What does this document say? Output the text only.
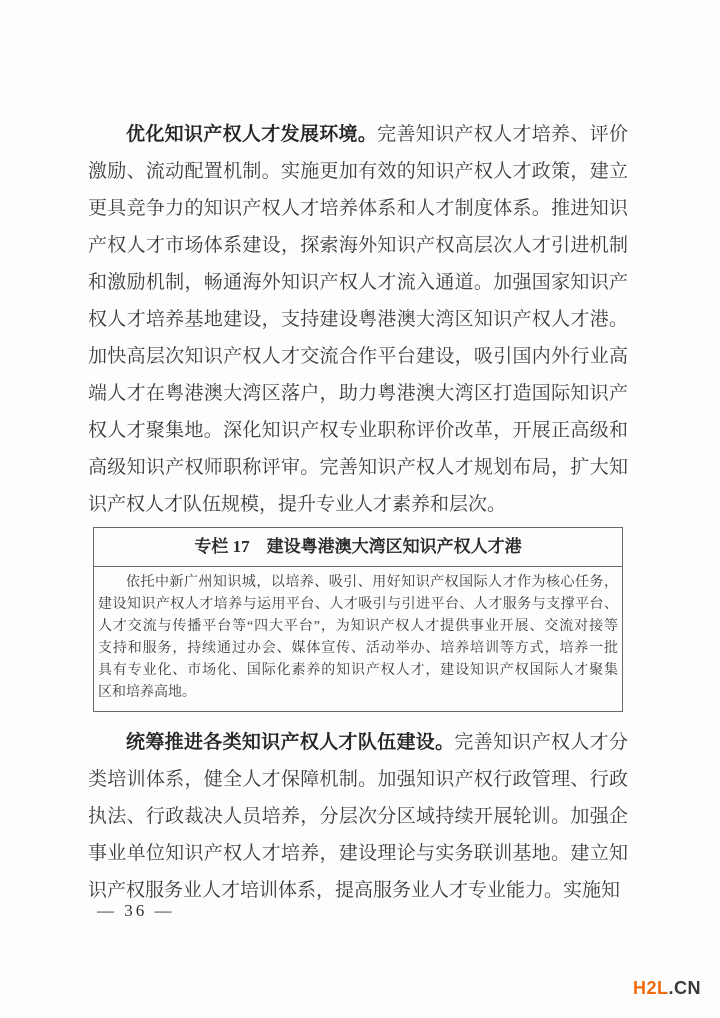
优化知识产权人才发展环境。完善知识产权人才培养、评价
激励、流动配置机制。实施更加有效的知识产权人才政策，建立
更具竞争力的知识产权人才培养体系和人才制度体系。推进知识
产权人才市场体系建设，探索海外知识产权高层次人才引进机制
和激励机制，畅通海外知识产权人才流入通道。加强国家知识产
权人才培养基地建设，支持建设粤港澳大湾区知识产权人才港。
加快高层次知识产权人才交流合作平台建设，吸引国内外行业高
端人才在粤港澳大湾区落户，助力粤港澳大湾区打造国际知识产
权人才聚集地。深化知识产权专业职称评价改革，开展正高级和
高级知识产权师职称评审。完善知识产权人才规划布局，扩大知
识产权人才队伍规模，提升专业人才素养和层次。
专栏 17　建设粤港澳大湾区知识产权人才港
依托中新广州知识城，以培养、吸引、用好知识产权国际人才作为核心任务，
建设知识产权人才培养与运用平台、人才吸引与引进平台、人才服务与支撑平台、
人才交流与传播平台等“四大平台”，为知识产权人才提供事业开展、交流对接等
支持和服务，持续通过办会、媒体宣传、活动举办、培养培训等方式，培养一批
具有专业化、市场化、国际化素养的知识产权人才，建设知识产权国际人才聚集
区和培养高地。
统筹推进各类知识产权人才队伍建设。完善知识产权人才分
类培训体系，健全人才保障机制。加强知识产权行政管理、行政
执法、行政裁决人员培养，分层次分区域持续开展轮训。加强企
事业单位知识产权人才培养，建设理论与实务联训基地。建立知
识产权服务业人才培训体系，提高服务业人才专业能力。实施知
— 36 —
H2L.CN
